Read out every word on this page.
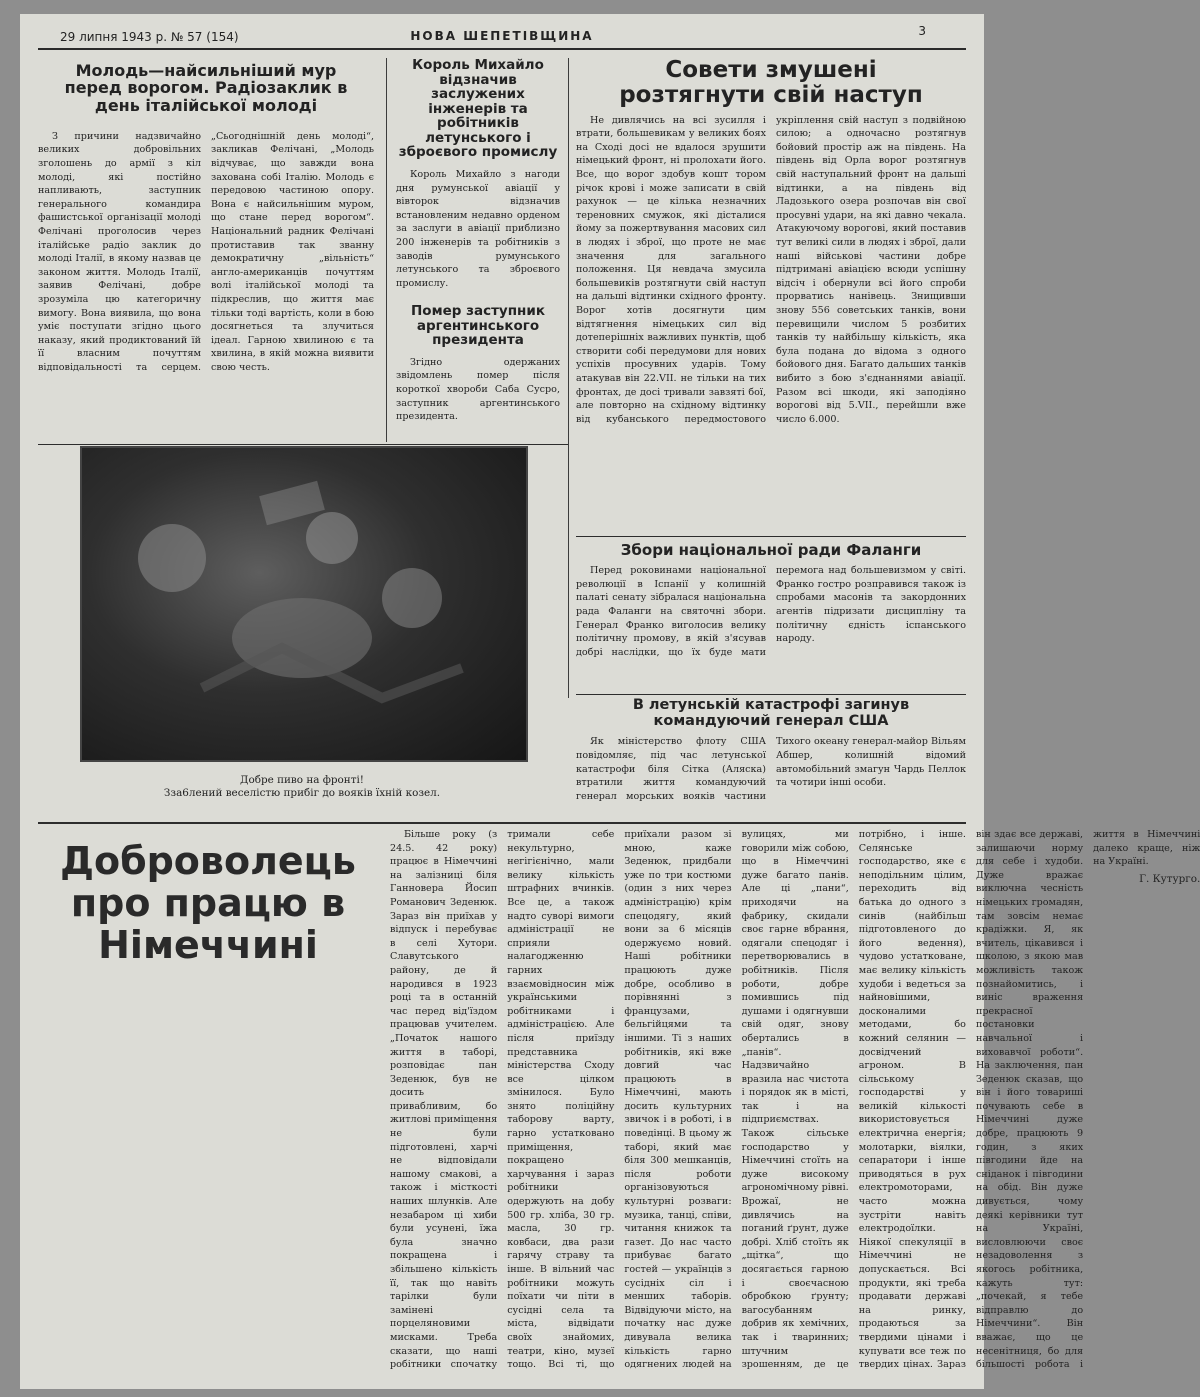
29 липня 1943 р. № 57 (154)	НОВА ШЕПЕТІВЩИНА	3
Молодь—найсильніший мур перед ворогом. Радіозаклик в день італійської молоді

З причини надзвичайно великих добровільних зголошень до армії з кіл молоді, які постійно напливають, заступник генерального командира фашистської організації молоді Фелічані проголосив через італійське радіо заклик до молоді Італії, в якому назвав це законом життя. Молодь Італії, заявив Фелічані, добре зрозуміла цю категоричну вимогу. Вона виявила, що вона уміє поступати згідно цього наказу, який продиктований їй її власним почуттям відповідальності та серцем. „Сьогоднішній день молоді“, закликав Фелічані, „Молодь відчуває, що завжди вона захована собі Італію. Молодь є передовою частиною опору. Вона є найсильнішим муром, що стане перед ворогом“. Національний радник Фелічані протиставив так званну демократичну „вільність“ англо-американців почуттям волі італійської молоді та підкреслив, що життя має тільки тоді вартість, коли в бою досягнеться та злучиться ідеал. Гарною хвилиною є та хвилина, в якій можна виявити свою честь.

Король Михайло відзначив заслужених інженерів та робітників летунського і зброєвого промислу

Король Михайло з нагоди дня румунської авіації у вівторок відзначив встановленим недавно орденом за заслуги в авіації приблизно 200 інженерів та робітників з заводів румунського летунського та зброєвого промислу.

Помер заступник аргентинського президента

Згідно одержаних звідомлень помер після короткої хвороби Саба Сусро, заступник аргентинського президента.

Совети змушені розтягнути свій наступ

Не дивлячись на всі зусилля і втрати, большевикам у великих боях на Сході досі не вдалося зрушити німецький фронт, ні пролохати його. Все, що ворог здобув кошт тором річок крові і може записати в свій рахунок — це кілька незначних тереновних смужок, які дісталися йому за пожертвування масових сил в людях і зброї, що проте не має значення для загального положення. Ця невдача змусила большевиків розтягнути свій наступ на дальші відтинки східного фронту. Ворог хотів досягнути цим відтягнення німецьких сил від дотеперішніх важливих пунктів, щоб створити собі передумови для нових успіхів просувних ударів. Тому атакував він 22.VII. не тільки на тих фронтах, де досі тривали завзяті бої, але повторно на східному відтинку від кубанського передмостового укріплення свій наступ з подвійною силою; а одночасно розтягнув бойовий простір аж на південь. На південь від Орла ворог розтягнув свій наступальний фронт на дальші відтинки, а на південь від Ладозького озера розпочав він свої просувні удари, на які давно чекала. Атакуючому ворогові, який поставив тут великі сили в людях і зброї, дали наші військові частини добре підтримані авіацією всюди успішну відсіч і обернули всі його спроби прорватись нанівець. Знищивши знову 556 советських танків, вони перевищили числом 5 розбитих танків ту найбільшу кількість, яка була подана до відома з одного бойового дня. Багато дальших танків вибито з бою з'єднаннями авіації. Разом всі шкоди, які заподіяно ворогові від 5.VII., перейшли вже число 6.000.

Збори національної ради Фаланги

Перед роковинами національної революції в Іспанії у колишній палаті сенату зібралася національна рада Фаланги на святочні збори. Генерал Франко виголосив велику політичну промову, в якій з'ясував добрі наслідки, що їх буде мати перемога над большевизмом у світі. Франко гостро розправився також із спробами масонів та закордонних агентів підризати дисципліну та політичну єдність іспанського народу.

В летунській катастрофі загинув командуючий генерал США

Як міністерство флоту США повідомляє, під час летунської катастрофи біля Сітка (Аляска) втратили життя командуючий генерал морських вояків частини Тихого океану генерал-майор Вільям Абшер, колишній відомий автомобільний змагун Чардь Пеллок та чотири інші особи.

Добре пиво на фронті!
Зза6лений веселістю прибіг до вояків їхній козел.
Доброволець про працю в Німеччині

Більше року (з 24.5. 42 року) працює в Німеччині на залізниці біля Ганновера Йосип Романович Зеденюк. Зараз він приїхав у відпуск і перебуває в селі Хутори. Славутського району, де й народився в 1923 році та в останній час перед від'їздом працював учителем. „Початок нашого життя в таборі, розповідає пан Зеденюк, був не досить привабливим, бо житлові приміщення не були підготовлені, харчі не відповідали нашому смакові, а також і місткості наших шлунків. Але незабаром ці хиби були усунені, їжа була значно покращена і збільшено кількість її, так що навіть тарілки були замінені порцеляновими мисками. Треба сказати, що наші робітники спочатку тримали себе некультурно, негігієнічно, мали велику кількість штрафних вчинків. Все це, а також надто суворі вимоги адміністрації не сприяли налагодженню гарних взаємовідносин між українськими робітниками і адміністрацією. Але після приїзду представника міністерства Сходу все цілком змінилося. Було знято поліційну таборову варту, гарно устатковано приміщення, покращено харчування і зараз робітники одержують на добу 500 гр. хліба, 30 гр. масла, 30 гр. ковбаси, два рази гарячу страву та інше. В вільний час робітники можуть поїхати чи піти в сусідні села та міста, відвідати своїх знайомих, театри, кіно, музеї тощо. Всі ті, що приїхали разом зі мною, каже Зеденюк, придбали уже по три костюми (один з них через адміністрацію) крім спецодягу, який вони за 6 місяців одержуємо новий. Наші робітники працюють дуже добре, особливо в порівнянні з французами, бельгійцями та іншими. Ті з наших робітників, які вже довгий час працюють в Німеччині, мають досить культурних звичок і в роботі, і в поведінці. В цьому ж таборі, який має біля 300 мешканців, після роботи організовуються культурні розваги: музика, танці, співи, читання книжок та газет. До нас часто прибуває багато гостей — українців з сусідніх сіл і менших таборів. Відвідуючи місто, на початку нас дуже дивувала велика кількість гарно одягнених людей на вулицях, ми говорили між собою, що в Німеччині дуже багато панів. Але ці „пани“, приходячи на фабрику, скидали своє гарне вбрання, одягали спецодяг і перетворювались в робітників. Після роботи, добре помившись під душами і одягнувши свій одяг, знову обертались в „панів“. Надзвичайно вразила нас чистота і порядок як в місті, так і на підприємствах. Також сільське господарство у Німеччині стоїть на дуже високому агрономічному рівні. Врожаї, не дивлячись на поганий ґрунт, дуже добрі. Хліб стоїть як „щітка“, що досягається гарною і своєчасною обробкою ґрунту; вагосубанням добрив як хемічних, так і тваринних; штучним зрошенням, де це потрібно, і інше. Селянське господарство, яке є неподільним цілим, переходить від батька до одного з синів (найбільш підготовленого до його ведення), чудово устатковане, має велику кількість худоби і ведеться за найновішими, досконалими методами, бо кожний селянин — досвідчений агроном. В сільському господарстві у великій кількості використовується електрична енергія; молотарки, віялки, сепаратори і інше приводяться в рух електромоторами, часто можна зустріти навіть електродоїлки. Ніякої спекуляції в Німеччині не допускається. Всі продукти, які треба продавати державі на ринку, продаються за твердими цінами і купувати все теж по твердих цінах. Зараз він здає все державі, залишаючи норму для себе і худоби. Дуже вражає виключна чесність німецьких громадян, там зовсім немає крадіжки. Я, як вчитель, цікавився і школою, з якою мав можливість також познайомитись, і виніс враження прекрасної постановки навчальної і виховавчої роботи“. На заключення, пан Зеденюк сказав, що він і його товариші почувають себе в Німеччині дуже добре, працюють 9 годин, з яких півгодини йде на сніданок і півгодини на обід. Він дуже дивується, чому деякі керівники тут на Україні, висловлюючи своє незадоволення з якогось робітника, кажуть тут: „почекай, я тебе відправлю до Німеччини“. Він вважає, що це несенітниця, бо для більшості робота і життя в Німеччині далеко краще, ніж на Україні.

Г. Кутурго.
